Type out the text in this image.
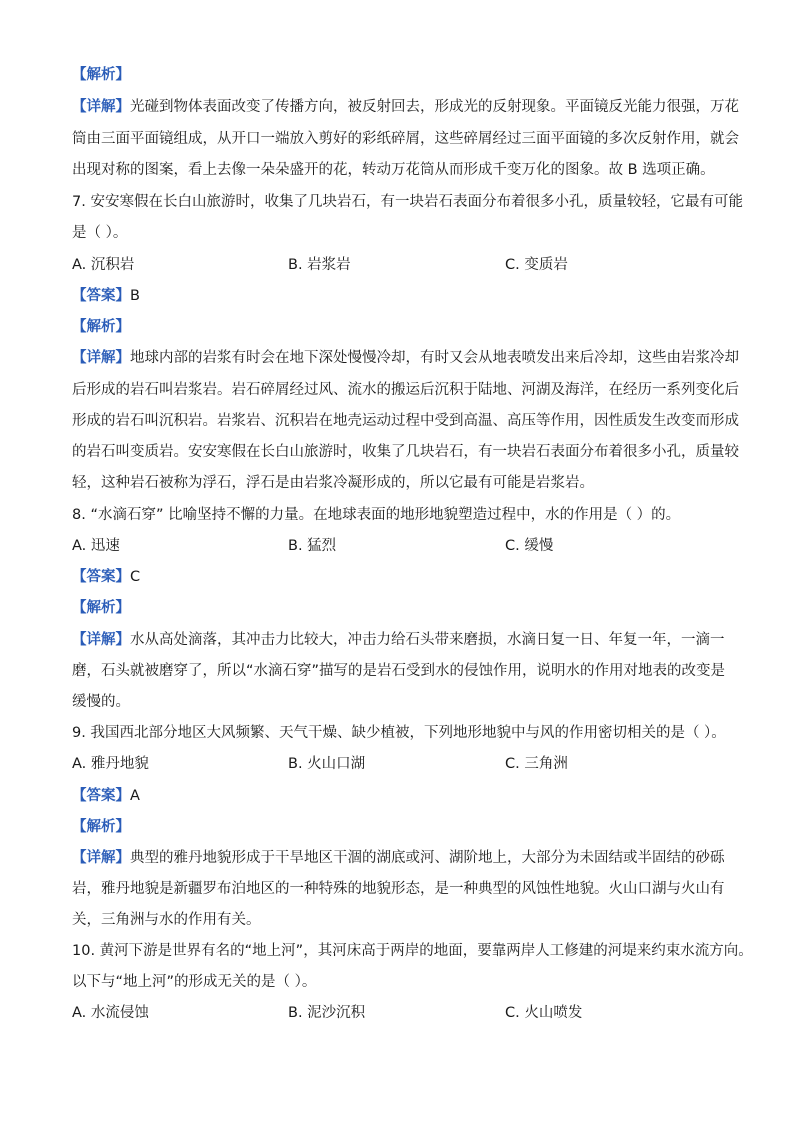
【解析】
【详解】光碰到物体表面改变了传播方向，被反射回去，形成光的反射现象。平面镜反光能力很强，万花
筒由三面平面镜组成，从开口一端放入剪好的彩纸碎屑，这些碎屑经过三面平面镜的多次反射作用，就会
出现对称的图案，看上去像一朵朵盛开的花，转动万花筒从而形成千变万化的图象。故 B 选项正确。
7. 安安寒假在长白山旅游时，收集了几块岩石，有一块岩石表面分布着很多小孔，质量较轻，它最有可能
是（ ）。
A. 沉积岩	B. 岩浆岩	C. 变质岩
【答案】B
【解析】
【详解】地球内部的岩浆有时会在地下深处慢慢冷却，有时又会从地表喷发出来后冷却，这些由岩浆冷却
后形成的岩石叫岩浆岩。岩石碎屑经过风、流水的搬运后沉积于陆地、河湖及海洋，在经历一系列变化后
形成的岩石叫沉积岩。岩浆岩、沉积岩在地壳运动过程中受到高温、高压等作用，因性质发生改变而形成
的岩石叫变质岩。安安寒假在长白山旅游时，收集了几块岩石，有一块岩石表面分布着很多小孔，质量较
轻，这种岩石被称为浮石，浮石是由岩浆冷凝形成的，所以它最有可能是岩浆岩。
8. “水滴石穿” 比喻坚持不懈的力量。在地球表面的地形地貌塑造过程中，水的作用是（ ）的。
A. 迅速	B. 猛烈	C. 缓慢
【答案】C
【解析】
【详解】水从高处滴落，其冲击力比较大，冲击力给石头带来磨损，水滴日复一日、年复一年，一滴一
磨，石头就被磨穿了，所以“水滴石穿”描写的是岩石受到水的侵蚀作用，说明水的作用对地表的改变是
缓慢的。
9. 我国西北部分地区大风频繁、天气干燥、缺少植被，下列地形地貌中与风的作用密切相关的是（ ）。
A. 雅丹地貌	B. 火山口湖	C. 三角洲
【答案】A
【解析】
【详解】典型的雅丹地貌形成于干旱地区干涸的湖底或河、湖阶地上，大部分为未固结或半固结的砂砾
岩，雅丹地貌是新疆罗布泊地区的一种特殊的地貌形态，是一种典型的风蚀性地貌。火山口湖与火山有
关，三角洲与水的作用有关。
10. 黄河下游是世界有名的“地上河”，其河床高于两岸的地面，要靠两岸人工修建的河堤来约束水流方向。
以下与“地上河”的形成无关的是（ ）。
A. 水流侵蚀	B. 泥沙沉积	C. 火山喷发
